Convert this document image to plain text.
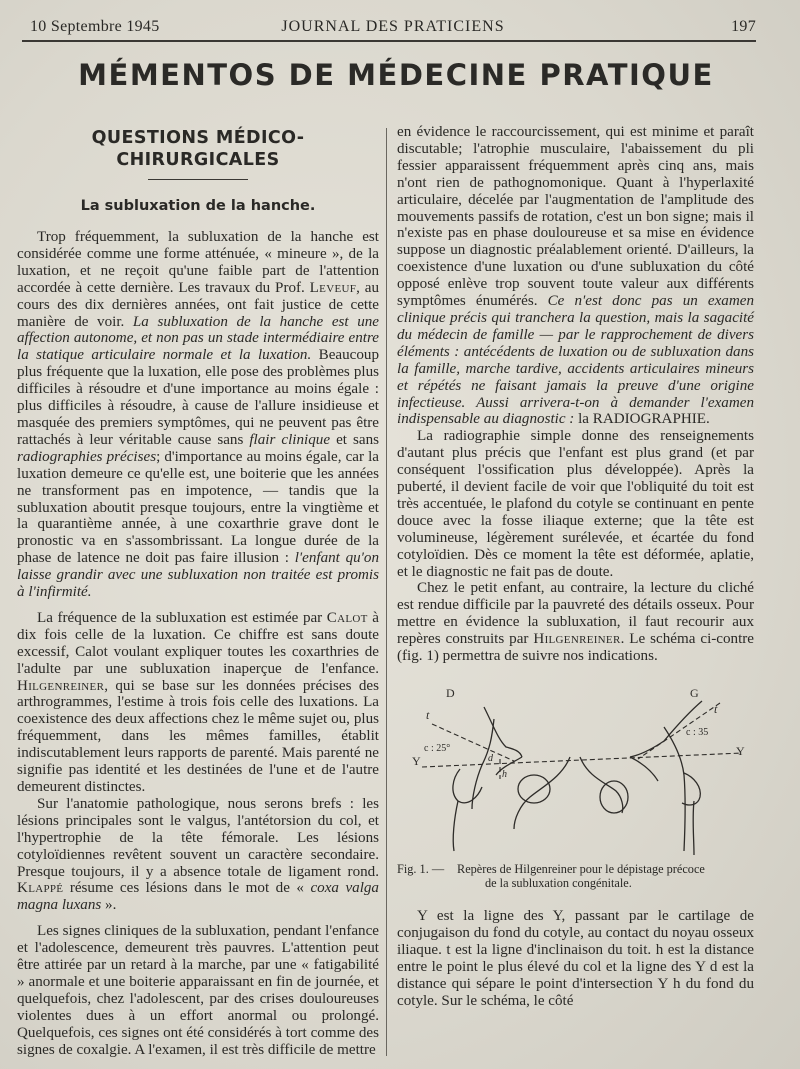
10 Septembre 1945	JOURNAL DES PRATICIENS	197
MÉMENTOS DE MÉDECINE PRATIQUE
QUESTIONS MÉDICO-CHIRURGICALES
La subluxation de la hanche.

Trop fréquemment, la subluxation de la hanche est considérée comme une forme atténuée, « mineure », de la luxation, et ne reçoit qu'une faible part de l'attention accordée à cette dernière. Les travaux du Prof. Leveuf, au cours des dix dernières années, ont fait justice de cette manière de voir. La subluxation de la hanche est une affection autonome, et non pas un stade intermédiaire entre la statique articulaire normale et la luxation. Beaucoup plus fréquente que la luxation, elle pose des problèmes plus difficiles à résoudre et d'une importance au moins égale : plus difficiles à résoudre, à cause de l'allure insidieuse et masquée des premiers symptômes, qui ne peuvent pas être rattachés à leur véritable cause sans flair clinique et sans radiographies précises; d'importance au moins égale, car la luxation demeure ce qu'elle est, une boiterie que les années ne transforment pas en impotence, — tandis que la subluxation aboutit presque toujours, entre la vingtième et la quarantième année, à une coxarthrie grave dont le pronostic va en s'assombrissant. La longue durée de la phase de latence ne doit pas faire illusion : l'enfant qu'on laisse grandir avec une subluxation non traitée est promis à l'infirmité.

La fréquence de la subluxation est estimée par Calot à dix fois celle de la luxation. Ce chiffre est sans doute excessif, Calot voulant expliquer toutes les coxarthries de l'adulte par une subluxation inaperçue de l'enfance. Hilgenreiner, qui se base sur les données précises des arthrogrammes, l'estime à trois fois celle des luxations. La coexistence des deux affections chez le même sujet ou, plus fréquemment, dans les mêmes familles, établit indiscutablement leurs rapports de parenté. Mais parenté ne signifie pas identité et les destinées de l'une et de l'autre demeurent distinctes.

Sur l'anatomie pathologique, nous serons brefs : les lésions principales sont le valgus, l'antétorsion du col, et l'hypertrophie de la tête fémorale. Les lésions cotyloïdiennes revêtent souvent un caractère secondaire. Presque toujours, il y a absence totale de ligament rond. Klappé résume ces lésions dans le mot de « coxa valga magna luxans ».

Les signes cliniques de la subluxation, pendant l'enfance et l'adolescence, demeurent très pauvres. L'attention peut être attirée par un retard à la marche, par une « fatigabilité » anormale et une boiterie apparaissant en fin de journée, et quelquefois, chez l'adolescent, par des crises douloureuses violentes dues à un effort anormal ou prolongé. Quelquefois, ces signes ont été considérés à tort comme des signes de coxalgie. A l'examen, il est très difficile de mettre

en évidence le raccourcissement, qui est minime et paraît discutable; l'atrophie musculaire, l'abaissement du pli fessier apparaissent fréquemment après cinq ans, mais n'ont rien de pathognomonique. Quant à l'hyperlaxité articulaire, décelée par l'augmentation de l'amplitude des mouvements passifs de rotation, c'est un bon signe; mais il n'existe pas en phase douloureuse et sa mise en évidence suppose un diagnostic préalablement orienté. D'ailleurs, la coexistence d'une luxation ou d'une subluxation du côté opposé enlève trop souvent toute valeur aux différents symptômes énumérés. Ce n'est donc pas un examen clinique précis qui tranchera la question, mais la sagacité du médecin de famille — par le rapprochement de divers éléments : antécédents de luxation ou de subluxation dans la famille, marche tardive, accidents articulaires mineurs et répétés ne faisant jamais la preuve d'une origine infectieuse. Aussi arrivera-t-on à demander l'examen indispensable au diagnostic : la RADIOGRAPHIE.

La radiographie simple donne des renseignements d'autant plus précis que l'enfant est plus grand (et par conséquent l'ossification plus développée). Après la puberté, il devient facile de voir que l'obliquité du toit est très accentuée, le plafond du cotyle se continuant en pente douce avec la fosse iliaque externe; que la tête est volumineuse, légèrement surélevée, et écartée du fond cotyloïdien. Dès ce moment la tête est déformée, aplatie, et le diagnostic ne fait pas de doute.

Chez le petit enfant, au contraire, la lecture du cliché est rendue difficile par la pauvreté des détails osseux. Pour mettre en évidence la subluxation, il faut recourir aux repères construits par Hilgenreiner. Le schéma ci-contre (fig. 1) permettra de suivre nos indications.

D	G
t	t
Y
Y
h
d
c : 25°
c : 35
Fig. 1. — Repères de Hilgenreiner pour le dépistage précoce
de la subluxation congénitale.

Y est la ligne des Y, passant par le cartilage de conjugaison du fond du cotyle, au contact du noyau osseux iliaque. t est la ligne d'inclinaison du toit. h est la distance entre le point le plus élevé du col et la ligne des Y d est la distance qui sépare le point d'intersection Y h du fond du cotyle. Sur le schéma, le côté
